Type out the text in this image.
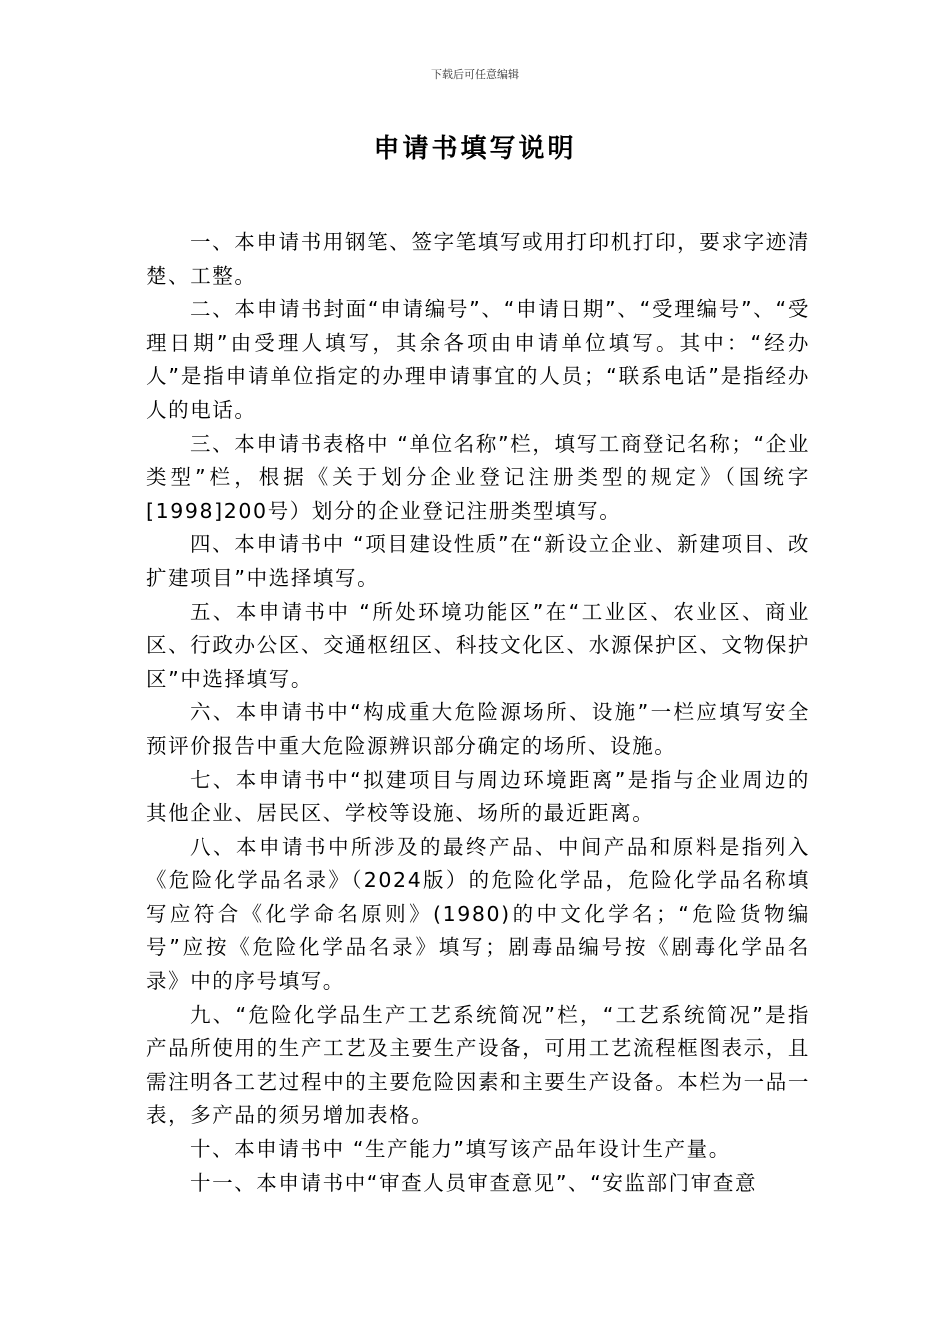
下载后可任意编辑
申请书填写说明

一、本申请书用钢笔、签字笔填写或用打印机打印，要求字迹清楚、工整。

二、本申请书封面“申请编号”、“申请日期”、“受理编号”、“受理日期”由受理人填写，其余各项由申请单位填写。其中：“经办人”是指申请单位指定的办理申请事宜的人员；“联系电话”是指经办人的电话。

三、本申请书表格中 “单位名称”栏，填写工商登记名称；“企业类型”栏，根据《关于划分企业登记注册类型的规定》（国统字[1998]200号）划分的企业登记注册类型填写。

四、本申请书中 “项目建设性质”在“新设立企业、新建项目、改扩建项目”中选择填写。

五、本申请书中 “所处环境功能区”在“工业区、农业区、商业区、行政办公区、交通枢纽区、科技文化区、水源保护区、文物保护区”中选择填写。

六、本申请书中“构成重大危险源场所、设施”一栏应填写安全预评价报告中重大危险源辨识部分确定的场所、设施。

七、本申请书中“拟建项目与周边环境距离”是指与企业周边的其他企业、居民区、学校等设施、场所的最近距离。

八、本申请书中所涉及的最终产品、中间产品和原料是指列入《危险化学品名录》（2024版）的危险化学品，危险化学品名称填写应符合《化学命名原则》(1980)的中文化学名；“危险货物编号”应按《危险化学品名录》填写；剧毒品编号按《剧毒化学品名录》中的序号填写。

九、“危险化学品生产工艺系统简况”栏，“工艺系统简况”是指产品所使用的生产工艺及主要生产设备，可用工艺流程框图表示，且需注明各工艺过程中的主要危险因素和主要生产设备。本栏为一品一表，多产品的须另增加表格。

十、本申请书中 “生产能力”填写该产品年设计生产量。

十一、本申请书中“审查人员审查意见”、“安监部门审查意
